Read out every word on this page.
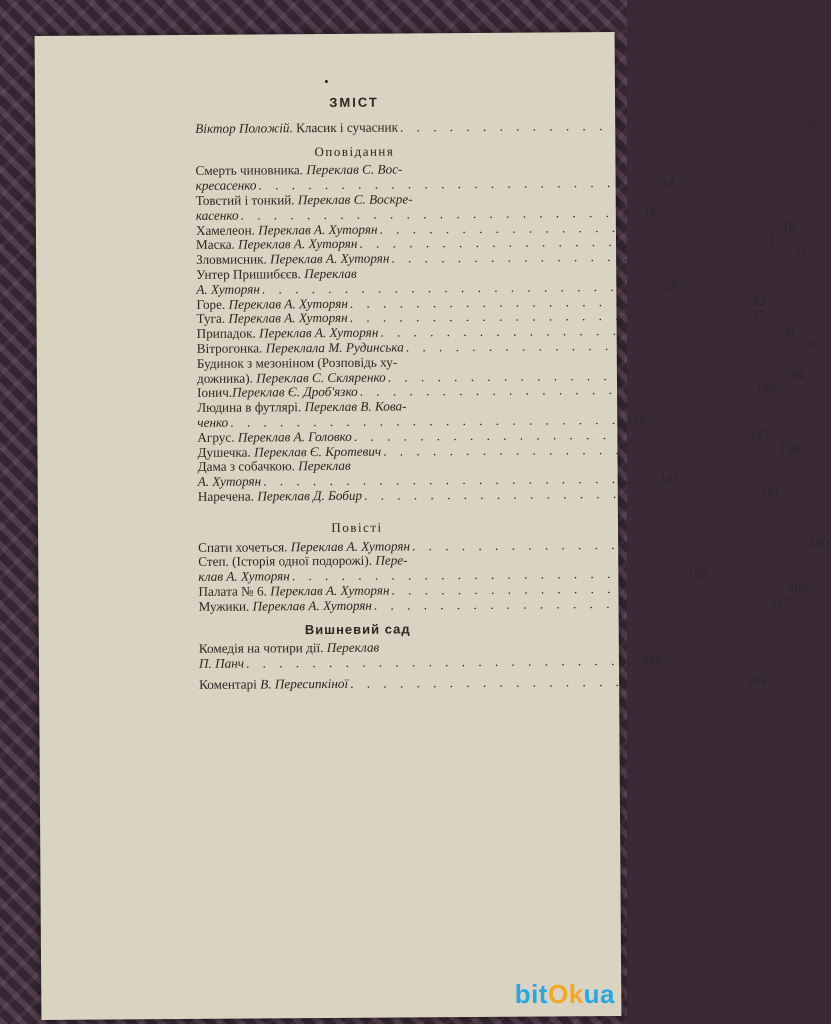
ЗМІСТ
Віктор Положій. Класик і сучасник . . . . . . . . . . . . . . . . . . . . . . . .	5
Оповідання
Смерть чиновника. Переклав С. Вос-
кресасенко . . . . . . . . . . . . . . . . . . . . . . . . 14
Товстий і тонкий. Переклав С. Воскре-
касенко . . . . . . . . . . . . . . . . . . . . . . . . 16
Хамелеон. Переклав А. Хуторян . . . . . . . . . . . . . . . . . . . . . . . . 18
Маска. Переклав А. Хуторян . . . . . . . . . . . . . . . . . . . . . . . . 21
Зловмисник. Переклав А. Хуторян . . . . . . . . . . . . . . . . . . . . . . . . 25
Унтер Пришибєєв. Переклав
А. Хуторян . . . . . . . . . . . . . . . . . . . . . . . . 29
Горе. Переклав А. Хуторян . . . . . . . . . . . . . . . . . . . . . . . . 32
Туга. Переклав А. Хуторян . . . . . . . . . . . . . . . . . . . . . . . . 37
Припадок. Переклав А. Хуторян . . . . . . . . . . . . . . . . . . . . . . . . 41
Вітрогонка. Переклала М. Рудинська . . . . . . . . . . . . . . . . . . . . . . . . 61
Будинок з мезоніном (Розповідь ху-
дожника). Переклав С. Скляренко . . . . . . . . . . . . . . . . . . . . . . . . 84
Іонич.Переклав Є. Дроб'язко . . . . . . . . . . . . . . . . . . . . . . . . 100
Людина в футлярі. Переклав В. Кова-
ченко . . . . . . . . . . . . . . . . . . . . . . . . 116
Агрус. Переклав А. Головко . . . . . . . . . . . . . . . . . . . . . . . . 127
Душечка. Переклав Є. Кротевич . . . . . . . . . . . . . . . . . . . . . . . . 136
Дама з собачкою. Переклав
А. Хуторян . . . . . . . . . . . . . . . . . . . . . . . . 147
Наречена. Переклав Д. Бобир . . . . . . . . . . . . . . . . . . . . . . . . 161
Повісті
Спати хочеться. Переклав А. Хуторян . . . . . . . . . . . . . . . . . . . . . . . . 180
Степ. (Історія одної подорожі). Пере-
клав А. Хуторян . . . . . . . . . . . . . . . . . . . . . . . . 185
Палата № 6. Переклав А. Хуторян . . . . . . . . . . . . . . . . . . . . . . . . 269
Мужики. Переклав А. Хуторян . . . . . . . . . . . . . . . . . . . . . . . . 317
Вишневий сад
Комедія на чотири дії. Переклав
П. Панч . . . . . . . . . . . . . . . . . . . . . . . . 345
Коментарі В. Пересипкіної . . . . . . . . . . . . . . . . . . . . . . . . 395
bitOkua
